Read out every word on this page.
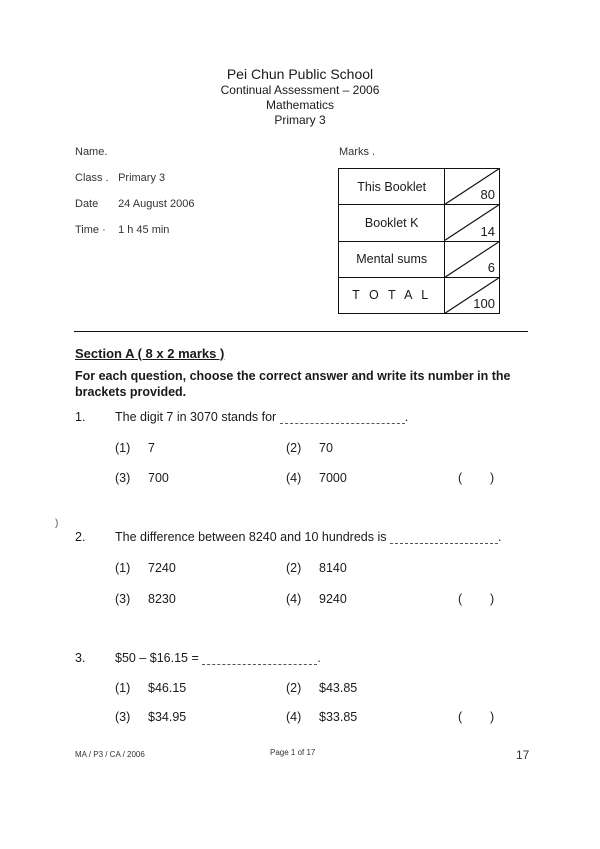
Pei Chun Public School
Continual Assessment – 2006
Mathematics
Primary 3
Name.
Class . Primary 3
Date 24 August 2006
Time · 1 h 45 min
Marks .
This Booklet	80

Booklet K	14

Mental sums	6

T O T A L	100
Section A ( 8 x 2 marks )
For each question, choose the correct answer and write its number in the brackets provided.
1. The digit 7 in 3070 stands for	.
(1) 7	(2) 70
(3) 700	(4) 7000	(        )
)
2. The difference between 8240 and 10 hundreds is	.
(1) 7240	(2) 8140
(3) 8230	(4) 9240	(        )
3. $50 – $16.15 =	.
(1) $46.15	(2) $43.85
(3) $34.95	(4) $33.85	(        )
MA / P3 / CA / 2006	Page 1 of 17	17
